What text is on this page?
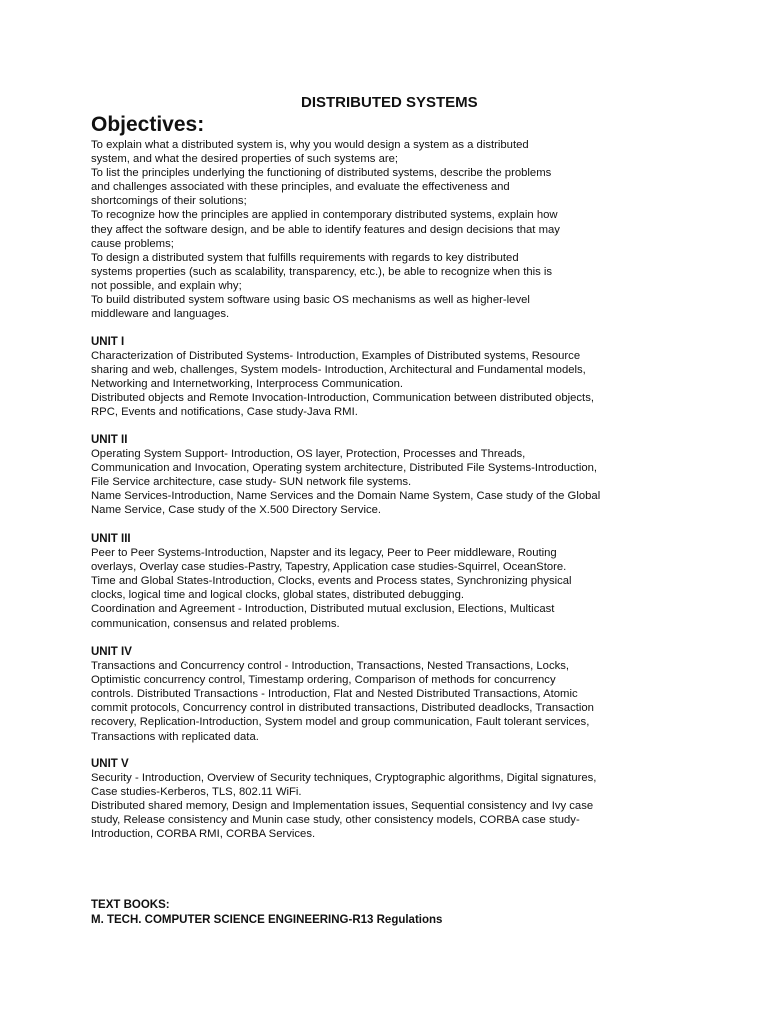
DISTRIBUTED SYSTEMS
Objectives:
To explain what a distributed system is, why you would design a system as a distributed
system, and what the desired properties of such systems are;
To list the principles underlying the functioning of distributed systems, describe the problems
and challenges associated with these principles, and evaluate the effectiveness and
shortcomings of their solutions;
To recognize how the principles are applied in contemporary distributed systems, explain how
they affect the software design, and be able to identify features and design decisions that may
cause problems;
To design a distributed system that fulfills requirements with regards to key distributed
systems properties (such as scalability, transparency, etc.), be able to recognize when this is
not possible, and explain why;
To build distributed system software using basic OS mechanisms as well as higher-level
middleware and languages.
UNIT I
Characterization of Distributed Systems- Introduction, Examples of Distributed systems, Resource
sharing and web, challenges, System models- Introduction, Architectural and Fundamental models,
Networking and Internetworking, Interprocess Communication.
Distributed objects and Remote Invocation-Introduction, Communication between distributed objects,
RPC, Events and notifications, Case study-Java RMI.
UNIT II
Operating System Support- Introduction, OS layer, Protection, Processes and Threads,
Communication and Invocation, Operating system architecture, Distributed File Systems-Introduction,
File Service architecture, case study- SUN network file systems.
Name Services-Introduction, Name Services and the Domain Name System, Case study of the Global
Name Service, Case study of the X.500 Directory Service.
UNIT III
Peer to Peer Systems-Introduction, Napster and its legacy, Peer to Peer middleware, Routing
overlays, Overlay case studies-Pastry, Tapestry, Application case studies-Squirrel, OceanStore.
Time and Global States-Introduction, Clocks, events and Process states, Synchronizing physical
clocks, logical time and logical clocks, global states, distributed debugging.
Coordination and Agreement - Introduction, Distributed mutual exclusion, Elections, Multicast
communication, consensus and related problems.
UNIT IV
Transactions and Concurrency control - Introduction, Transactions, Nested Transactions, Locks,
Optimistic concurrency control, Timestamp ordering, Comparison of methods for concurrency
controls. Distributed Transactions - Introduction, Flat and Nested Distributed Transactions, Atomic
commit protocols, Concurrency control in distributed transactions, Distributed deadlocks, Transaction
recovery, Replication-Introduction, System model and group communication, Fault tolerant services,
Transactions with replicated data.
UNIT V
Security - Introduction, Overview of Security techniques, Cryptographic algorithms, Digital signatures,
Case studies-Kerberos, TLS, 802.11 WiFi.
Distributed shared memory, Design and Implementation issues, Sequential consistency and Ivy case
study, Release consistency and Munin case study, other consistency models, CORBA case study-
Introduction, CORBA RMI, CORBA Services.
TEXT BOOKS:
M. TECH. COMPUTER SCIENCE ENGINEERING-R13 Regulations
